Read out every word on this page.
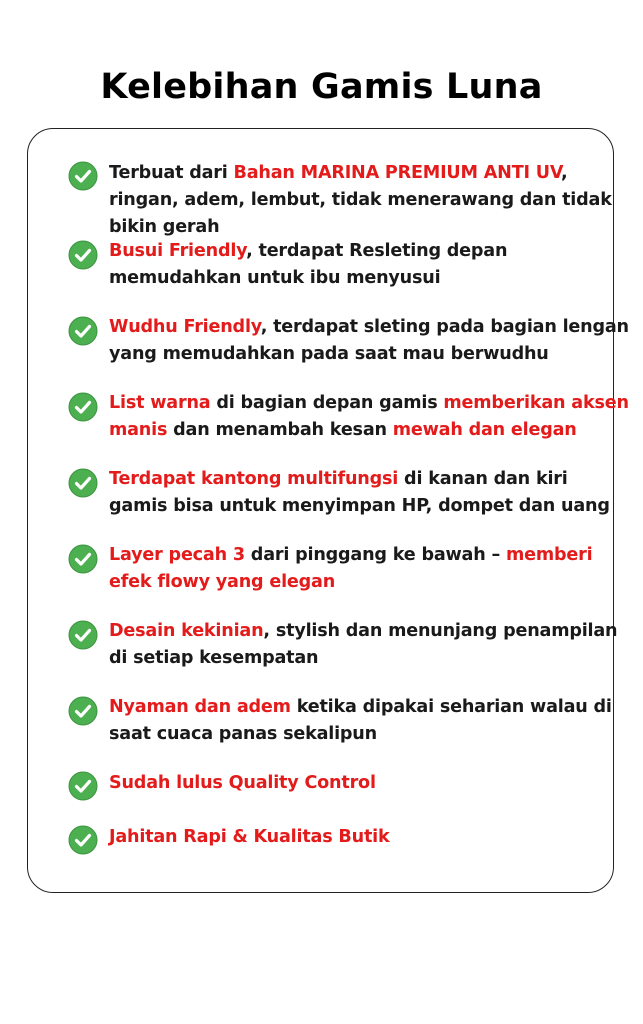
Kelebihan Gamis Luna
Terbuat dari Bahan MARINA PREMIUM ANTI UV, ringan, adem, lembut, tidak menerawang dan tidak bikin gerah
Busui Friendly, terdapat Resleting depan memudahkan untuk ibu menyusui
Wudhu Friendly, terdapat sleting pada bagian lengan yang memudahkan pada saat mau berwudhu
List warna di bagian depan gamis memberikan aksen manis dan menambah kesan mewah dan elegan
Terdapat kantong multifungsi di kanan dan kiri gamis bisa untuk menyimpan HP, dompet dan uang
Layer pecah 3 dari pinggang ke bawah – memberi efek flowy yang elegan
Desain kekinian, stylish dan menunjang penampilan di setiap kesempatan
Nyaman dan adem ketika dipakai seharian walau di saat cuaca panas sekalipun
Sudah lulus Quality Control
Jahitan Rapi & Kualitas Butik
